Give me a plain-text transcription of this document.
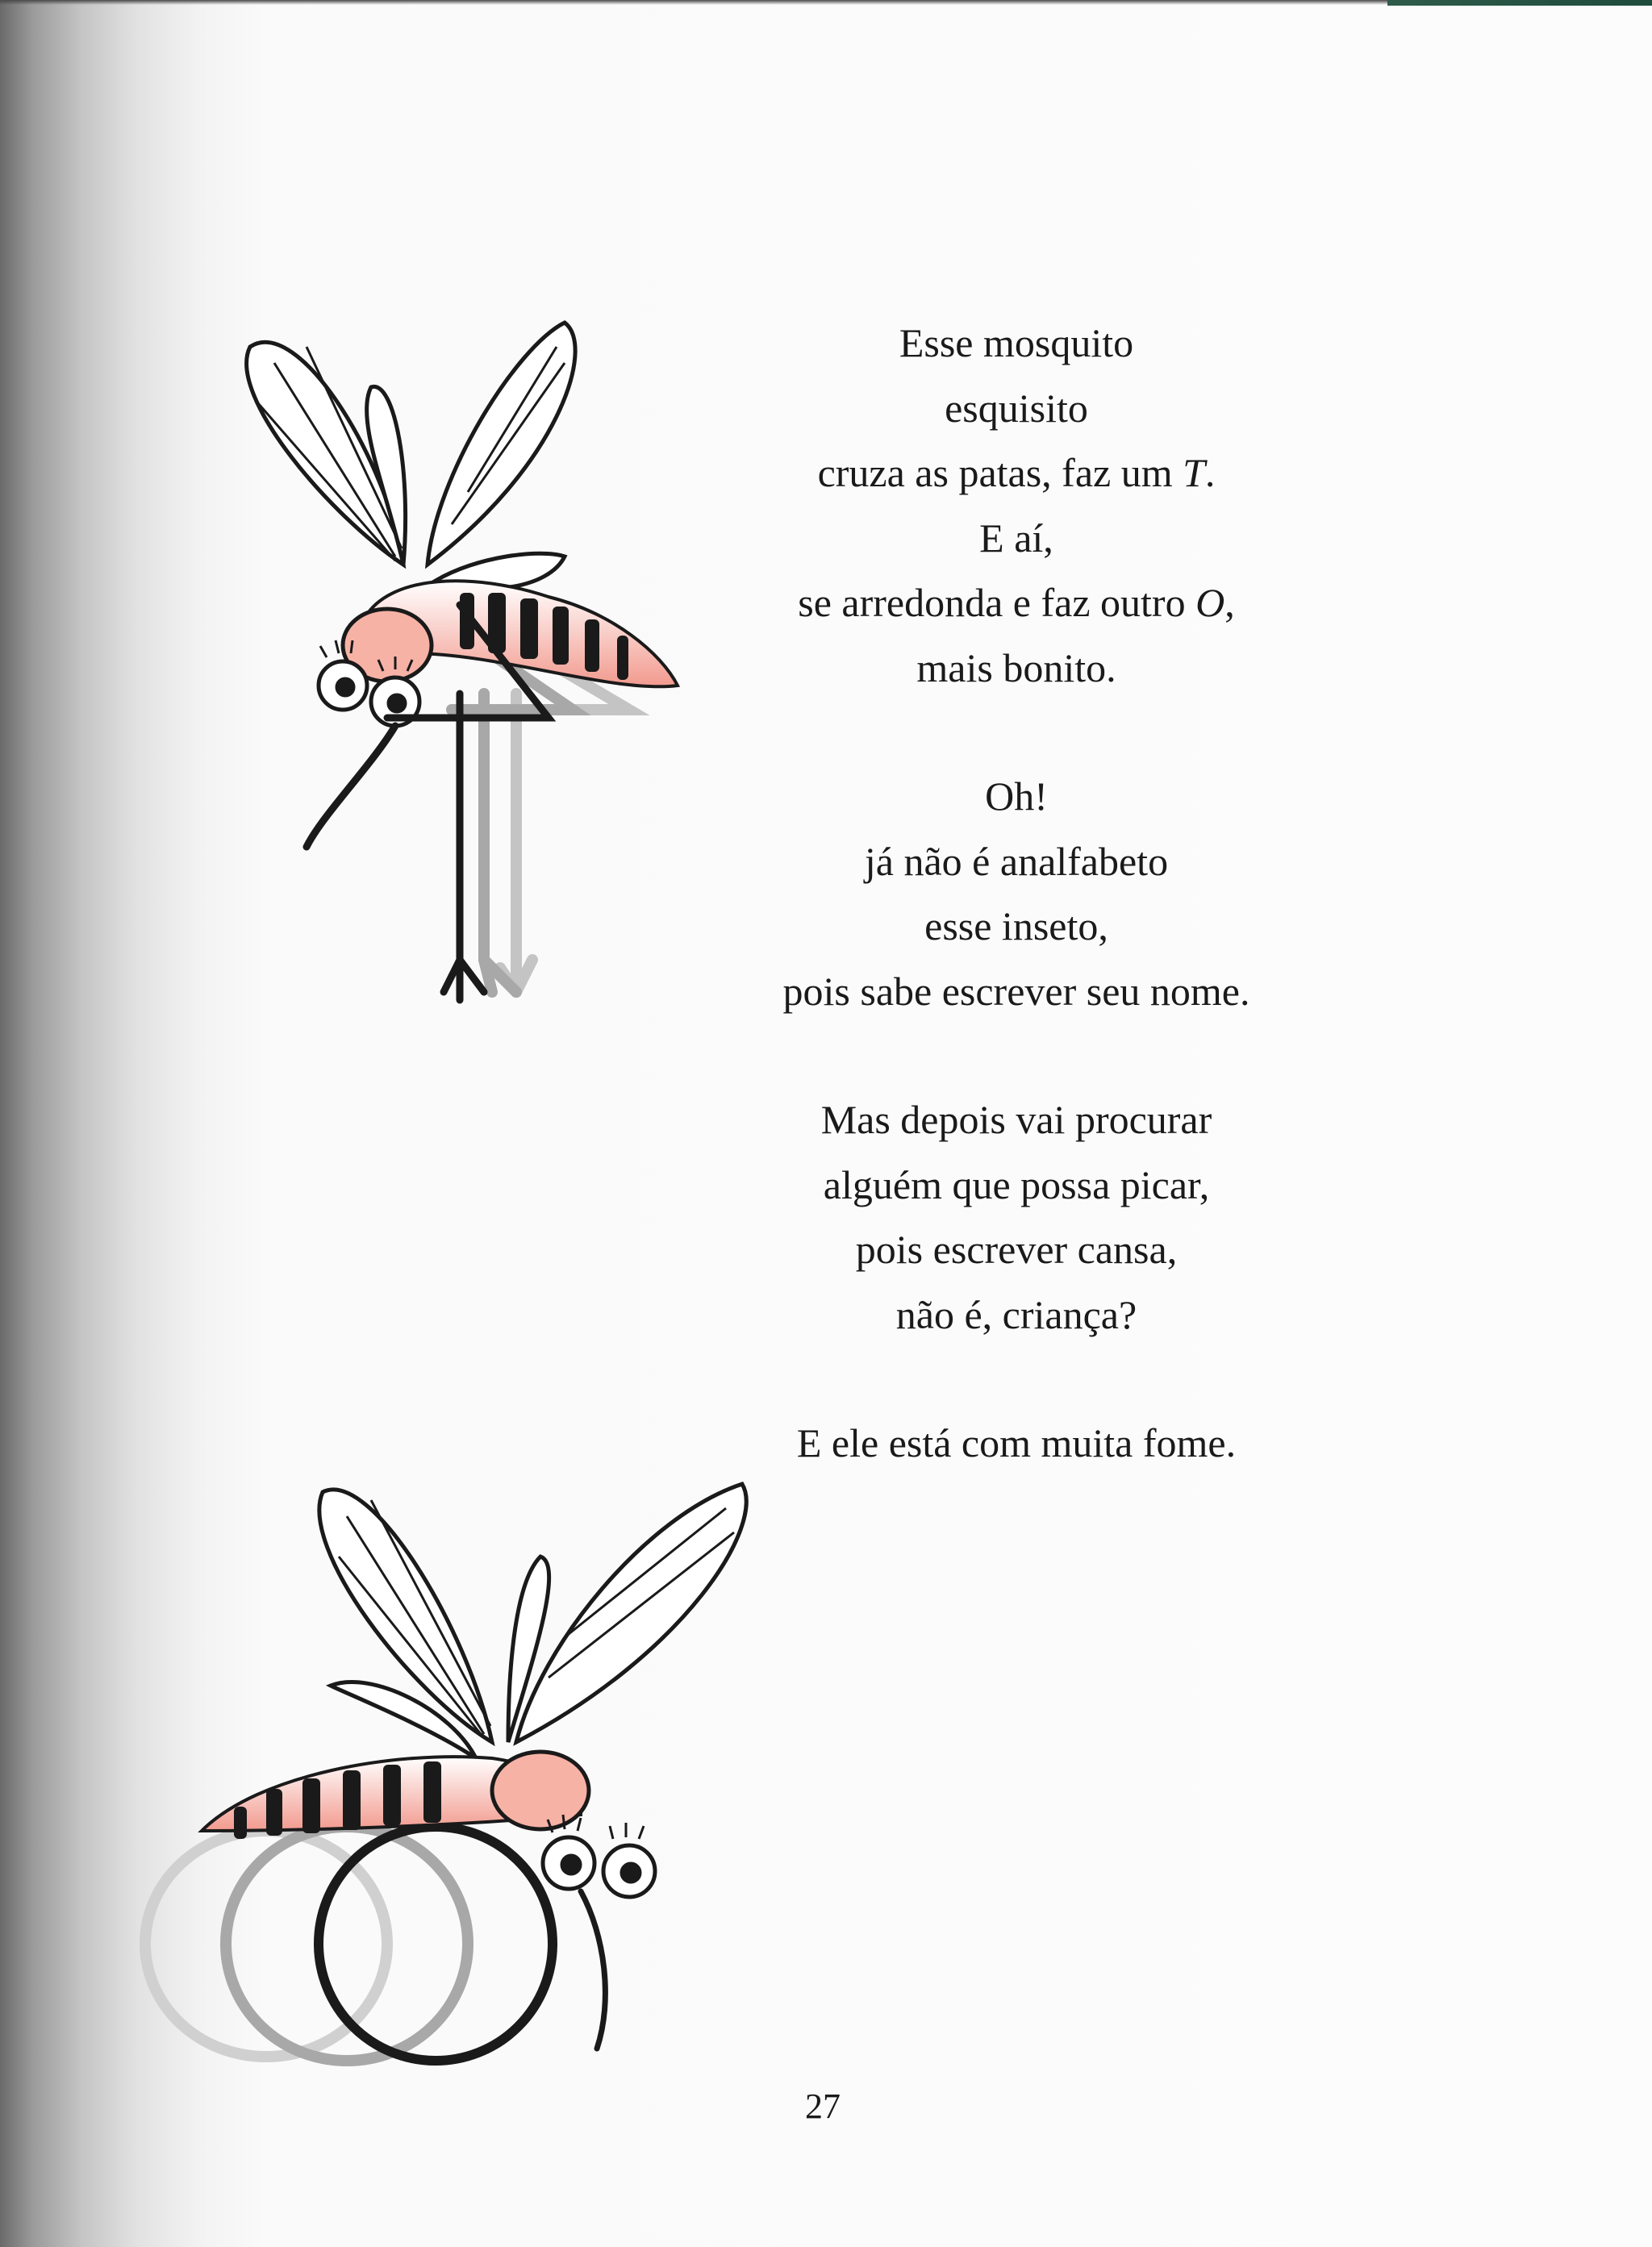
Esse mosquito
esquisito
cruza as patas, faz um T.
E aí,
se arredonda e faz outro O,
mais bonito.
Oh!
já não é analfabeto
esse inseto,
pois sabe escrever seu nome.
Mas depois vai procurar
alguém que possa picar,
pois escrever cansa,
não é, criança?
E ele está com muita fome.
27
